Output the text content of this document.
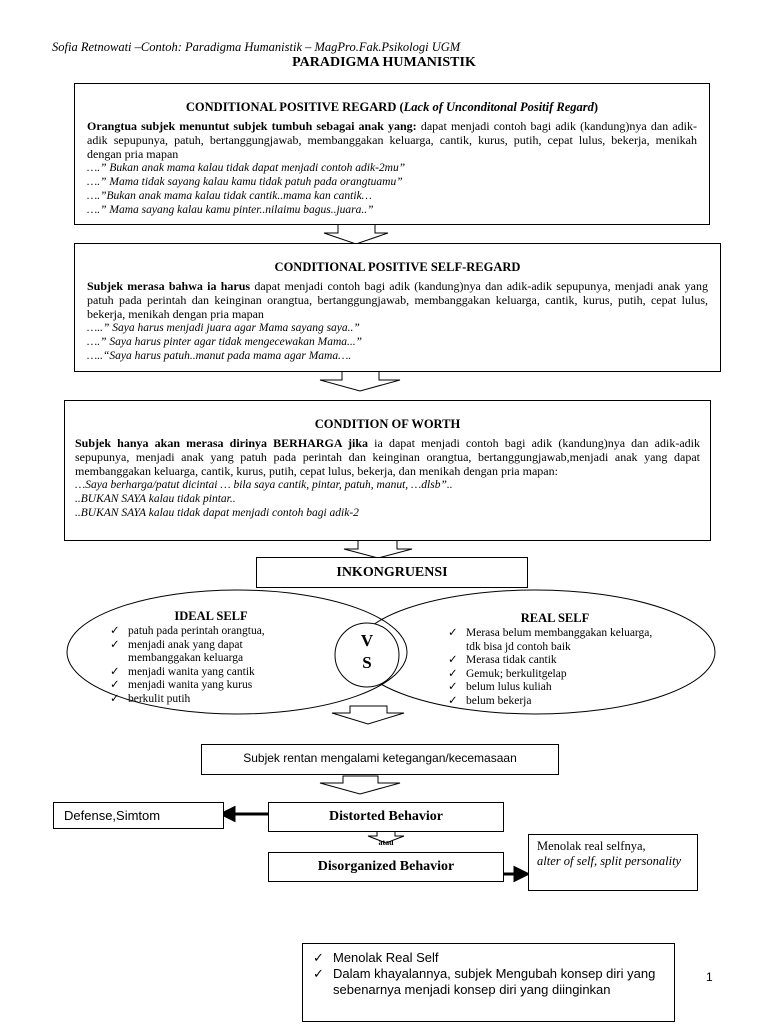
Sofia Retnowati –Contoh: Paradigma Humanistik – MagPro.Fak.Psikologi UGM
PARADIGMA HUMANISTIK
CONDITIONAL POSITIVE REGARD (Lack of Unconditonal Positif Regard)
Orangtua subjek menuntut subjek tumbuh sebagai anak yang: dapat menjadi contoh bagi adik (kandung)nya dan adik-adik sepupunya, patuh, bertanggungjawab, membanggakan keluarga, cantik, kurus, putih, cepat lulus, bekerja, menikah dengan pria mapan
….” Bukan anak mama kalau tidak dapat menjadi contoh adik-2mu”
….” Mama tidak sayang kalau kamu tidak patuh pada orangtuamu”
….”Bukan anak mama kalau tidak cantik..mama kan cantik…
….” Mama sayang kalau kamu pinter..nilaimu bagus..juara..”
CONDITIONAL POSITIVE SELF-REGARD
Subjek merasa bahwa ia harus dapat menjadi contoh bagi adik (kandung)nya dan adik-adik sepupunya, menjadi anak yang patuh pada perintah dan keinginan orangtua, bertanggungjawab, membanggakan keluarga, cantik, kurus, putih, cepat lulus, bekerja, menikah dengan pria mapan
…..” Saya harus menjadi juara agar Mama sayang saya..”
….” Saya harus pinter agar tidak mengecewakan Mama...”
…..“Saya harus patuh..manut pada mama agar Mama….
CONDITION OF WORTH
Subjek hanya akan merasa dirinya BERHARGA jika ia dapat menjadi contoh bagi adik (kandung)nya dan adik-adik sepupunya, menjadi anak yang patuh pada perintah dan keinginan orangtua, bertanggungjawab,menjadi anak yang dapat membanggakan keluarga, cantik, kurus, putih, cepat lulus, bekerja, dan menikah dengan pria mapan:
…Saya berharga/patut dicintai … bila saya cantik, pintar, patuh, manut, …dlsb”..
..BUKAN SAYA kalau tidak pintar..
..BUKAN SAYA kalau tidak dapat menjadi contoh bagi adik-2
INKONGRUENSI
IDEAL SELF
✓ patuh pada perintah orangtua,
✓ menjadi anak yang dapat membanggakan keluarga
✓ menjadi wanita yang cantik
✓ menjadi wanita yang kurus
✓ berkulit putih
V
S
REAL SELF
✓ Merasa belum membanggakan keluarga, tdk bisa jd contoh baik
✓ Merasa tidak cantik
✓ Gemuk; berkulitgelap
✓ belum lulus kuliah
✓ belum bekerja
Subjek rentan mengalami ketegangan/kecemasaan
Defense,Simtom	Distorted Behavior
atau
Disorganized Behavior
Menolak real selfnya,
alter of self, split personality
✓ Menolak Real Self
✓ Dalam khayalannya, subjek Mengubah konsep diri yang sebenarnya menjadi konsep diri yang diinginkan
1
